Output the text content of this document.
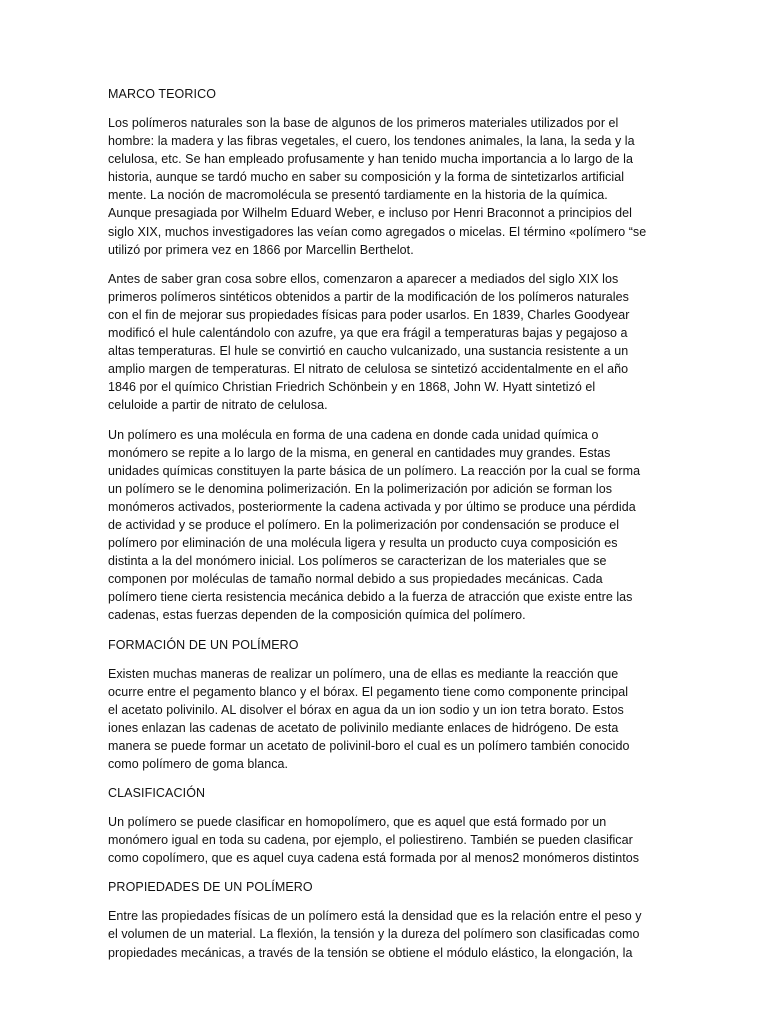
MARCO TEORICO
Los polímeros naturales son la base de algunos de los primeros materiales utilizados por el
hombre: la madera y las fibras vegetales, el cuero, los tendones animales, la lana, la seda y la
celulosa, etc. Se han empleado profusamente y han tenido mucha importancia a lo largo de la
historia, aunque se tardó mucho en saber su composición y la forma de sintetizarlos artificial
mente. La noción de macromolécula se presentó tardiamente en la historia de la química.
Aunque presagiada por Wilhelm Eduard Weber, e incluso por Henri Braconnot a principios del
siglo XIX, muchos investigadores las veían como agregados o micelas. El término «polímero “se
utilizó por primera vez en 1866 por Marcellin Berthelot.
Antes de saber gran cosa sobre ellos, comenzaron a aparecer a mediados del siglo XIX los
primeros polímeros sintéticos obtenidos a partir de la modificación de los polímeros naturales
con el fin de mejorar sus propiedades físicas para poder usarlos. En 1839, Charles Goodyear
modificó el hule calentándolo con azufre, ya que era frágil a temperaturas bajas y pegajoso a
altas temperaturas. El hule se convirtió en caucho vulcanizado, una sustancia resistente a un
amplio margen de temperaturas. El nitrato de celulosa se sintetizó accidentalmente en el año
1846 por el químico Christian Friedrich Schönbein y en 1868, John W. Hyatt sintetizó el
celuloide a partir de nitrato de celulosa.
Un polímero es una molécula en forma de una cadena en donde cada unidad química o
monómero se repite a lo largo de la misma, en general en cantidades muy grandes. Estas
unidades químicas constituyen la parte básica de un polímero. La reacción por la cual se forma
un polímero se le denomina polimerización. En la polimerización por adición se forman los
monómeros activados, posteriormente la cadena activada y por último se produce una pérdida
de actividad y se produce el polímero. En la polimerización por condensación se produce el
polímero por eliminación de una molécula ligera y resulta un producto cuya composición es
distinta a la del monómero inicial. Los polímeros se caracterizan de los materiales que se
componen por moléculas de tamaño normal debido a sus propiedades mecánicas. Cada
polímero tiene cierta resistencia mecánica debido a la fuerza de atracción que existe entre las
cadenas, estas fuerzas dependen de la composición química del polímero.
FORMACIÓN DE UN POLÍMERO
Existen muchas maneras de realizar un polímero, una de ellas es mediante la reacción que
ocurre entre el pegamento blanco y el bórax. El pegamento tiene como componente principal
el acetato polivinilo. AL disolver el bórax en agua da un ion sodio y un ion tetra borato. Estos
iones enlazan las cadenas de acetato de polivinilo mediante enlaces de hidrógeno. De esta
manera se puede formar un acetato de polivinil-boro el cual es un polímero también conocido
como polímero de goma blanca.
CLASIFICACIÓN
Un polímero se puede clasificar en homopolímero, que es aquel que está formado por un
monómero igual en toda su cadena, por ejemplo, el poliestireno. También se pueden clasificar
como copolímero, que es aquel cuya cadena está formada por al menos2 monómeros distintos
PROPIEDADES DE UN POLÍMERO
Entre las propiedades físicas de un polímero está la densidad que es la relación entre el peso y
el volumen de un material. La flexión, la tensión y la dureza del polímero son clasificadas como
propiedades mecánicas, a través de la tensión se obtiene el módulo elástico, la elongación, la
